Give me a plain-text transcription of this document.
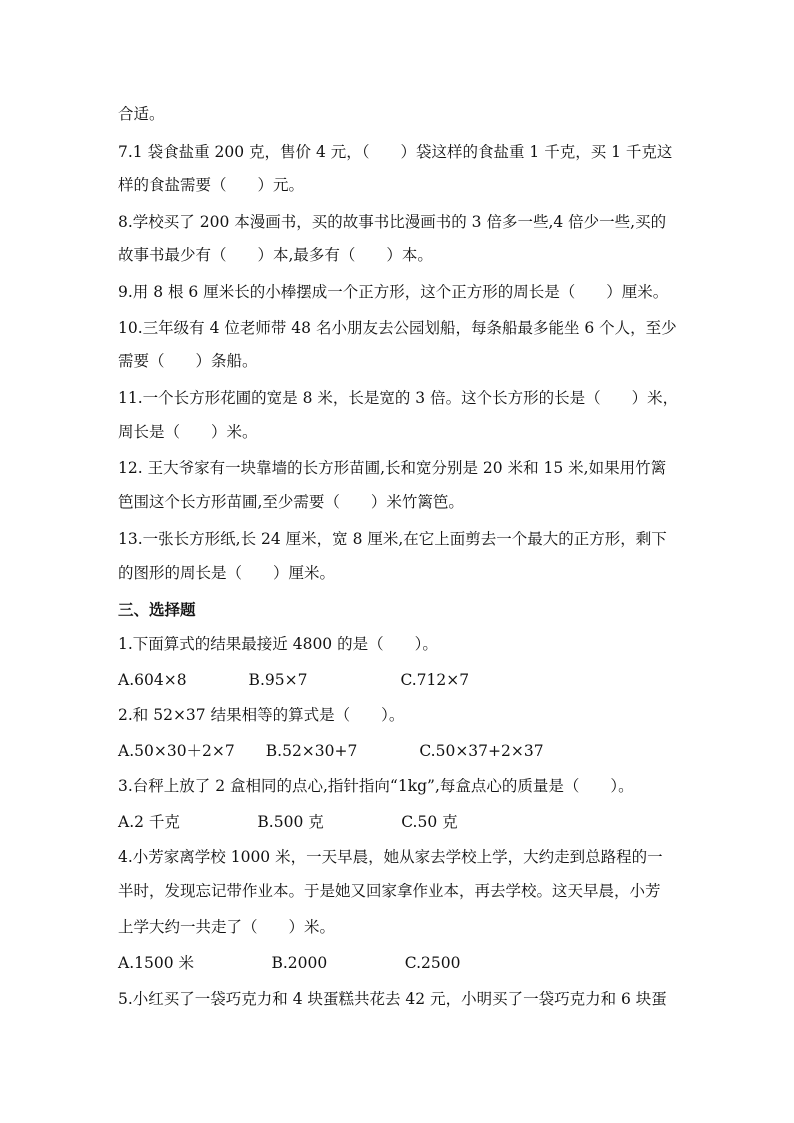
合适。
7.1 袋食盐重 200 克，售价 4 元，（　　）袋这样的食盐重 1 千克，买 1 千克这
样的食盐需要（　　）元。
8.学校买了 200 本漫画书，买的故事书比漫画书的 3 倍多一些,4 倍少一些,买的
故事书最少有（　　）本,最多有（　　）本。
9.用 8 根 6 厘米长的小棒摆成一个正方形，这个正方形的周长是（　　）厘米。
10.三年级有 4 位老师带 48 名小朋友去公园划船，每条船最多能坐 6 个人，至少
需要（　　）条船。
11.一个长方形花圃的宽是 8 米，长是宽的 3 倍。这个长方形的长是（　　）米，
周长是（　　）米。
12. 王大爷家有一块靠墙的长方形苗圃,长和宽分别是 20 米和 15 米,如果用竹篱
笆围这个长方形苗圃,至少需要（　　）米竹篱笆。
13.一张长方形纸,长 24 厘米，宽 8 厘米,在它上面剪去一个最大的正方形，剩下
的图形的周长是（　　）厘米。
三、选择题
1.下面算式的结果最接近 4800 的是（　　）。
A.604×8　　　　B.95×7　　　　　　C.712×7
2.和 52×37 结果相等的算式是（　　）。
A.50×30＋2×7　　B.52×30+7　　　　C.50×37+2×37
3.台秤上放了 2 盒相同的点心,指针指向“1kg”,每盒点心的质量是（　　）。
A.2 千克　　　　　B.500 克　　　　　C.50 克
4.小芳家离学校 1000 米，一天早晨，她从家去学校上学，大约走到总路程的一
半时，发现忘记带作业本。于是她又回家拿作业本，再去学校。这天早晨，小芳
上学大约一共走了（　　）米。
A.1500 米　　　　　B.2000　　　　　C.2500
5.小红买了一袋巧克力和 4 块蛋糕共花去 42 元，小明买了一袋巧克力和 6 块蛋
